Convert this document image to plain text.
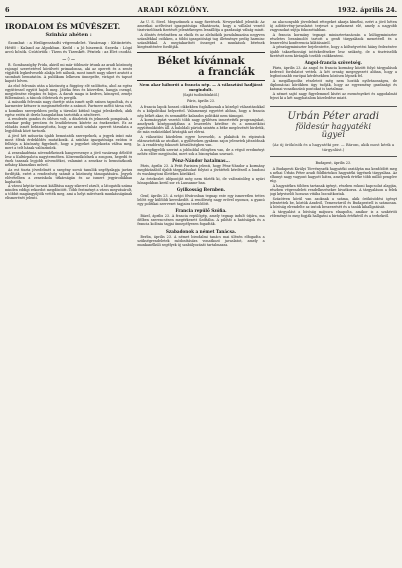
6	ARADI KÖZLÖNY.	1932. április 24.
IRODALOM ÉS MŰVÉSZET.
Szinház ahéten :

Szombat : a Heiligenstadti végrendelet. Vasárnap : Kitüntetés. Hétfő : Kaland az Alpokban. Kedd : a Jó hiszemű. Szerda : Lógó arcú hősök. Csütörtök : Tízen és Tizenkét. Péntek : az Élet csodái.

— ◊ —

B. Gombaszögby Frida, akiről mi már többször írtunk az aradi közönség rajongó szeretetével körülvett primadonna, aki az operett és a zenés vígjáték legkedvesebb alakja lett nálunk, most ismét nagy sikert aratott a szombati bemutatón. A publikum lelkesen ünnepelte, virágot és tapsot kapott bőven.

Az első felvonás után a közönség a függöny elé szólította, ahol az egész együttessel együtt hajolt meg. Játéka friss és közvetlen, hangja csengő, megjelenése elegáns és bájos. A darab maga is kedves, könnyed, zenéje fülbemászó, a táncok ötletesek és pergők.

A második felvonás nagy duettje után ismét nyílt színen tapsoltak, és a karmester kétszer is megismételtette a számot. Partnere méltó társa volt, a komikus szerepekben pedig a társulat kitűnő tagjai jeleskedtek, akik egész estén át derűs hangulatban tartották a nézőteret.

A rendezés gondos és ízléses volt, a díszletek és jelmezek pompásak, a zenekar pedig precízen és lendületesen kísérte az énekeseket. Ez az előadás ismét bebizonyította, hogy az aradi színház operett társulata a legjobbak közé tartozik.

A jövő hét műsorán újabb bemutatók szerepelnek, a jegyek iránt már most élénk érdeklődés mutatkozik. A színház igazgatósága ezúton is felhívja a közönség figyelmét, hogy a jegyeket idejekorán váltsa meg, mert a telt házak valószínűek.

A zeneakadémia növendékeinek hangversenye a jövő vasárnap délelőtt lesz a Kultúrpalota nagytermében. Közreműködnek a zongora, hegedű és ének tanszak legjobb növendékei, valamint a zenekar is bemutatkozik néhány klasszikus művel.

Az est tiszta jövedelmét a szegény sorsú tanulók segélyalapja javára fordítják, ezért a rendezőség számít a közönség támogatására. Jegyek elővételben a zeneiskola titkárságán és az ismert jegyirodákban kaphatók.

A városi képtár tavaszi kiállítása nagy sikerrel zárult, a látogatók száma minden eddigi rekordot megdöntött. Több festményt a város megvásárolt, a többit magángyűjtők vették meg, ami a helyi művészek munkásságának elismerését jelenti.

Az U. S. Steel. Megszűnnek a nagy fizetések. Newyorkból jelentik: Az amerikai acéltröszt igazgatósága elhatározta, hogy a vállalat vezető tisztviselőinek fizetését jelentékenyen leszállítja a gazdasági válság miatt.

A döntés értelmében az elnök és az alelnökök javadalmazása negyven százalékkal csökken, a többi igazgatósági tag illetménye pedig harminc százalékkal. A megtakarított összeget a munkások bérének kiegészítésére fordítják.

Béket kívánnak
a franciák
Nem akar háborút a francia nép. — A választási hadjárat megindult.
(Saját tudósítónktól.)
Páris, április 23.

A francia lapok hosszú cikkekben foglalkoznak a közelgő választásokkal és a külpolitikai helyzettel. Valamennyi egyetért abban, hogy a francia nép békét akar, és semmiféle kalandos politikát nem támogat.

A kormánypárt vezetői több nagy gyűlésen ismertették programjukat, amelynek középpontjában a leszerelés kérdése és a nemzetközi együttműködés áll. A baloldali pártok szintén a béke megőrzését hirdetik, de más eszközökkel kívánják azt elérni.

A választási küzdelem egyre hevesebb, a plakátok és röpiratok elárasztották az utcákat, a gyűléseken gyakran zajos jelenetek játszódnak le. A rendőrség fokozott készültségben van.

A megfigyelők szerint a jobboldal előnyben van, de a végső eredményt nehéz előre megjósolni, mert sok a bizonytalan szavazó.

Pénz-Nándor hatalmas...

Páris, április 23. A Petit Parisien jelenti, hogy Pénz-Nándor a kormány megbízásából újabb tárgyalásokat folytat a jóvátételi kérdésről a londoni és washingtoni illetékes körökkel.

Az értekezlet időpontját még nem tűzték ki, de valószínűleg a nyári hónapokban kerül sor rá Lausanne-ban.

Gyilkosság Bernben.

Genf, április 23. A svájci fővárosban tegnap este egy ismeretlen tettes lelőtt egy külföldi kereskedőt. A rendőrség nagy erővel nyomoz, a gyanú egy politikai szervezet tagjaira terelődött.

Francia repülő Szófia.

Bázel, április 23. A francia repülőgép, amely tegnap indult útjára, ma délben szerencsésen megérkezett Szófiába. A pilótát a hatóságok és a francia kolónia tagjai ünnepélyesen fogadták.

Szabadonok a német Tanácsa.

Berlin, április 23. A német birodalmi tanács mai ülésén elfogadta a szükségrendeletek módosítására vonatkozó javaslatot, amely a munkanélküli segélyek új szabályozását tartalmazza.

az alacsonyabb jövedelmű rétegeket akarja kímélni, ezért a jövő héten új adótörvény-javaslatot terjeszt a parlament elé, amely a nagyobb vagyonokat sújtja fokozottabban.

A francia kormány tegnapi minisztertanácsán a külügyminiszter részletes beszámolót tartott a genfi tárgyalások menetéről és a leszerelési konferencia kilátásairól.

A pénzügyminiszter bejelentette, hogy a költségvetési hiány fedezésére újabb takarékossági intézkedésekre lesz szükség, de a tisztviselők fizetését nem kívánják tovább csökkenteni.

Angol-francia szövetség.

Páris, április 23. Az angol és francia kormány között folyó tárgyalások kedvező fordulatot vettek. A két ország megegyezett abban, hogy a legfontosabb európai kérdésekben közösen lépnek fel.

A megállapodás részleteit még nem hozták nyilvánosságra, de diplomáciai körökben úgy tudják, hogy az egyezmény gazdasági és katonai vonatkozású pontokat is tartalmaz.

A német sajtó nagy figyelemmel kíséri az eseményeket és aggodalmát fejezi ki a két nagyhatalom közeledése miatt.

Urbán Péter aradi
földesúr hagyatéki
ügyei
(Az új örökösök és a hagyatéki per. — Bárom, akik most kérik a tárgyalást.)
Budapest, április 23.

A Budapesti Királyi Törvényszék hagyatéki osztályán ma kezdődött meg a néhai Urbán Péter aradi földbirtokos hagyatéki ügyének tárgyalása. Az elhunyt nagy vagyont hagyott hátra, amelynek értéke több millió pengőre rúg.

A hagyatékra többen tartanak igényt, részben rokoni kapcsolat alapján, részben végrendeleti rendelkezésekre hivatkozva. A tárgyaláson a felek jogi képviselői hosszas vitába bocsátkoztak.

Százötven körül van azoknak a száma, akik örökösödési igényt jelentettek be, köztük Aradról, Temesvárról és Budapestről is számosan. A bíróság elrendelte az iratok beszerzését és a tanúk kihallgatását.

A tárgyalást a bíróság májusra elnapolta, amikor is a szakértői véleményt is meg fogják hallgatni a birtokok értékéről és a terhekről.
